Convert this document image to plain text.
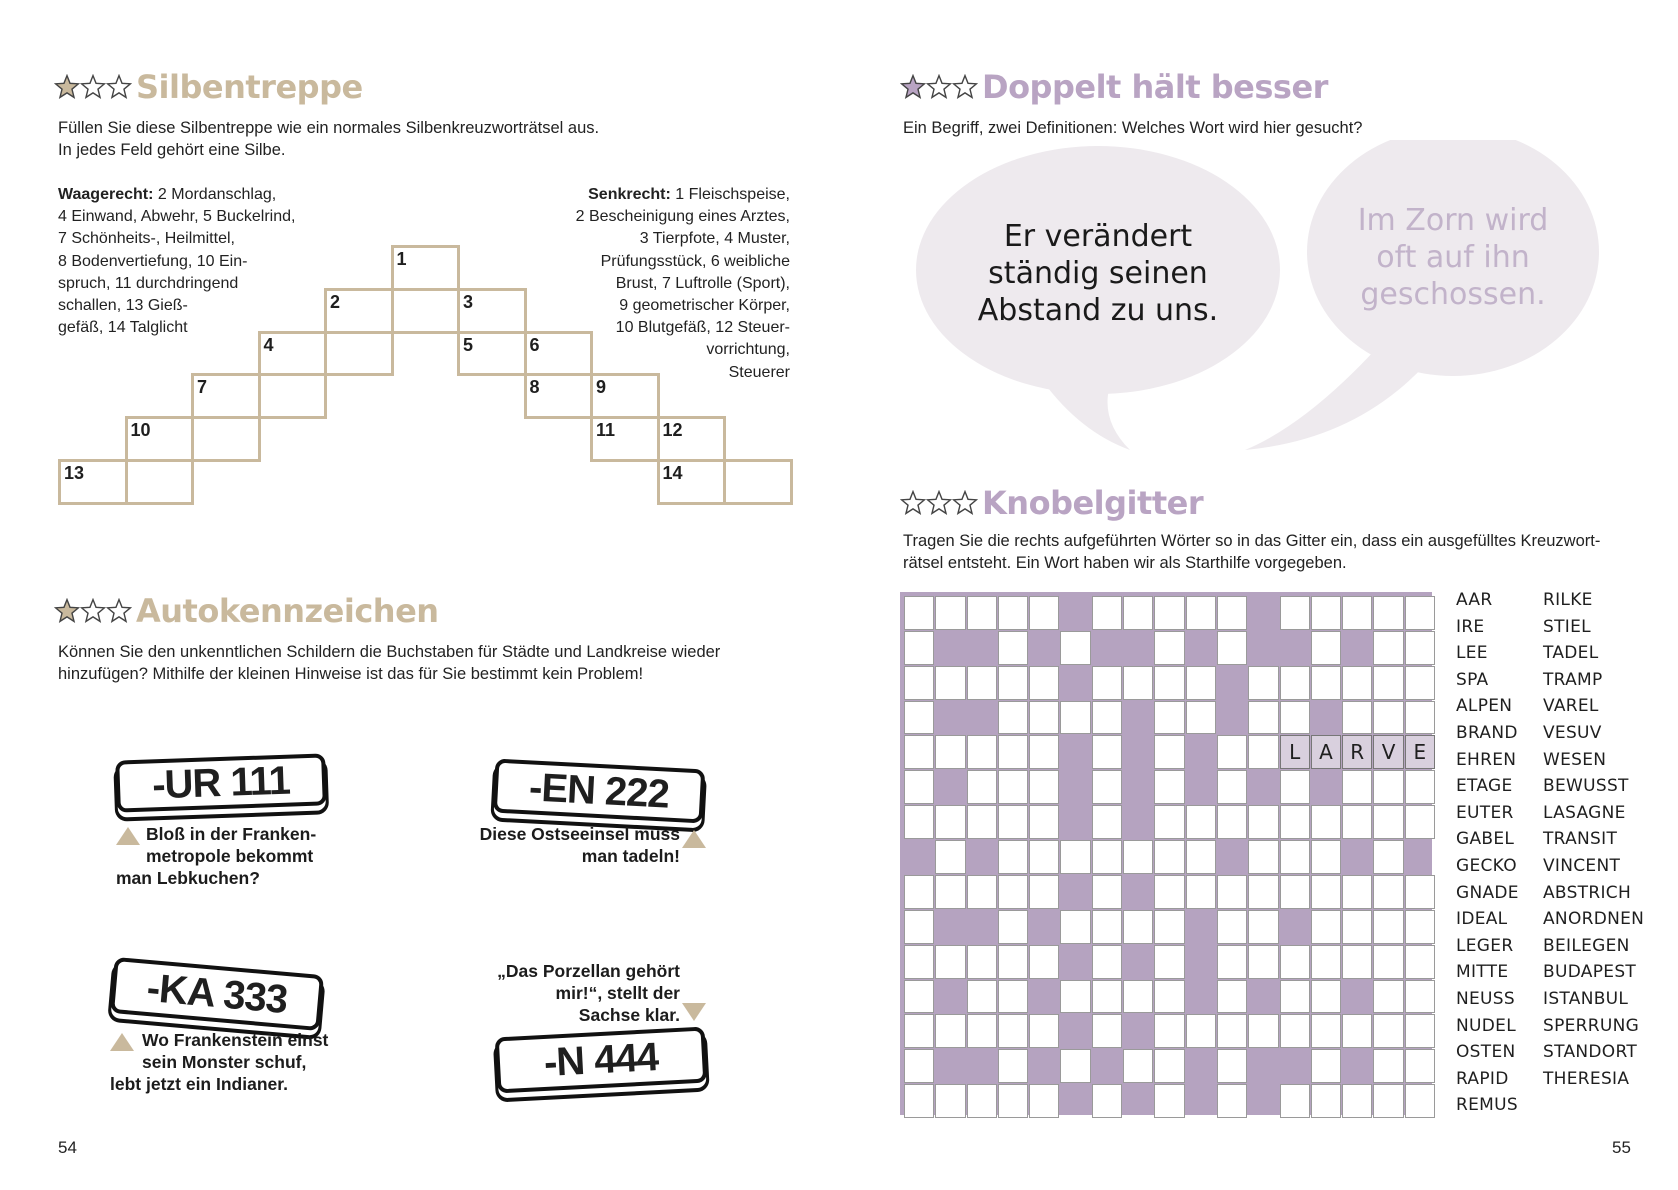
Silbentreppe
Füllen Sie diese Silbentreppe wie ein normales Silbenkreuzworträtsel aus.
In jedes Feld gehört eine Silbe.
Waagerecht: 2 Mordanschlag,
4 Einwand, Abwehr, 5 Buckelrind,
7 Schönheits-, Heilmittel,
8 Bodenvertiefung, 10 Ein-
spruch, 11 durchdringend
schallen, 13 Gieß-
gefäß, 14 Talglicht
Senkrecht: 1 Fleischspeise,
2 Bescheinigung eines Arztes,
3 Tierpfote, 4 Muster,
Prüfungsstück, 6 weibliche
Brust, 7 Luftrolle (Sport),
9 geometrischer Körper,
10 Blutgefäß, 12 Steuer-
vorrichtung,
Steuerer
1
2	3
4	5	6
7	8	9
10	11	12
13	14
Autokennzeichen
Können Sie den unkenntlichen Schildern die Buchstaben für Städte und Landkreise wieder
hinzufügen? Mithilfe der kleinen Hinweise ist das für Sie bestimmt kein Problem!
-UR 111
Bloß in der Franken-
metropole bekommt
man Lebkuchen?
-EN 222
Diese Ostseeinsel muss
man tadeln!
-KA 333
Wo Frankenstein einst
sein Monster schuf,
lebt jetzt ein Indianer.
„Das Porzellan gehört
mir!“, stellt der
Sachse klar.
-N 444
54
Doppelt hält besser
Ein Begriff, zwei Definitionen: Welches Wort wird hier gesucht?
Er verändert
ständig seinen
Abstand zu uns.
Im Zorn wird
oft auf ihn
geschossen.
Knobelgitter
Tragen Sie die rechts aufgeführten Wörter so in das Gitter ein, dass ein ausgefülltes Kreuzwort-
rätsel entsteht. Ein Wort haben wir als Starthilfe vorgegeben.
L A R V E
AAR
IRE
LEE
SPA
ALPEN
BRAND
EHREN
ETAGE
EUTER
GABEL
GECKO
GNADE
IDEAL
LEGER
MITTE
NEUSS
NUDEL
OSTEN
RAPID
REMUS
RILKE
STIEL
TADEL
TRAMP
VAREL
VESUV
WESEN
BEWUSST
LASAGNE
TRANSIT
VINCENT
ABSTRICH
ANORDNEN
BEILEGEN
BUDAPEST
ISTANBUL
SPERRUNG
STANDORT
THERESIA
55
